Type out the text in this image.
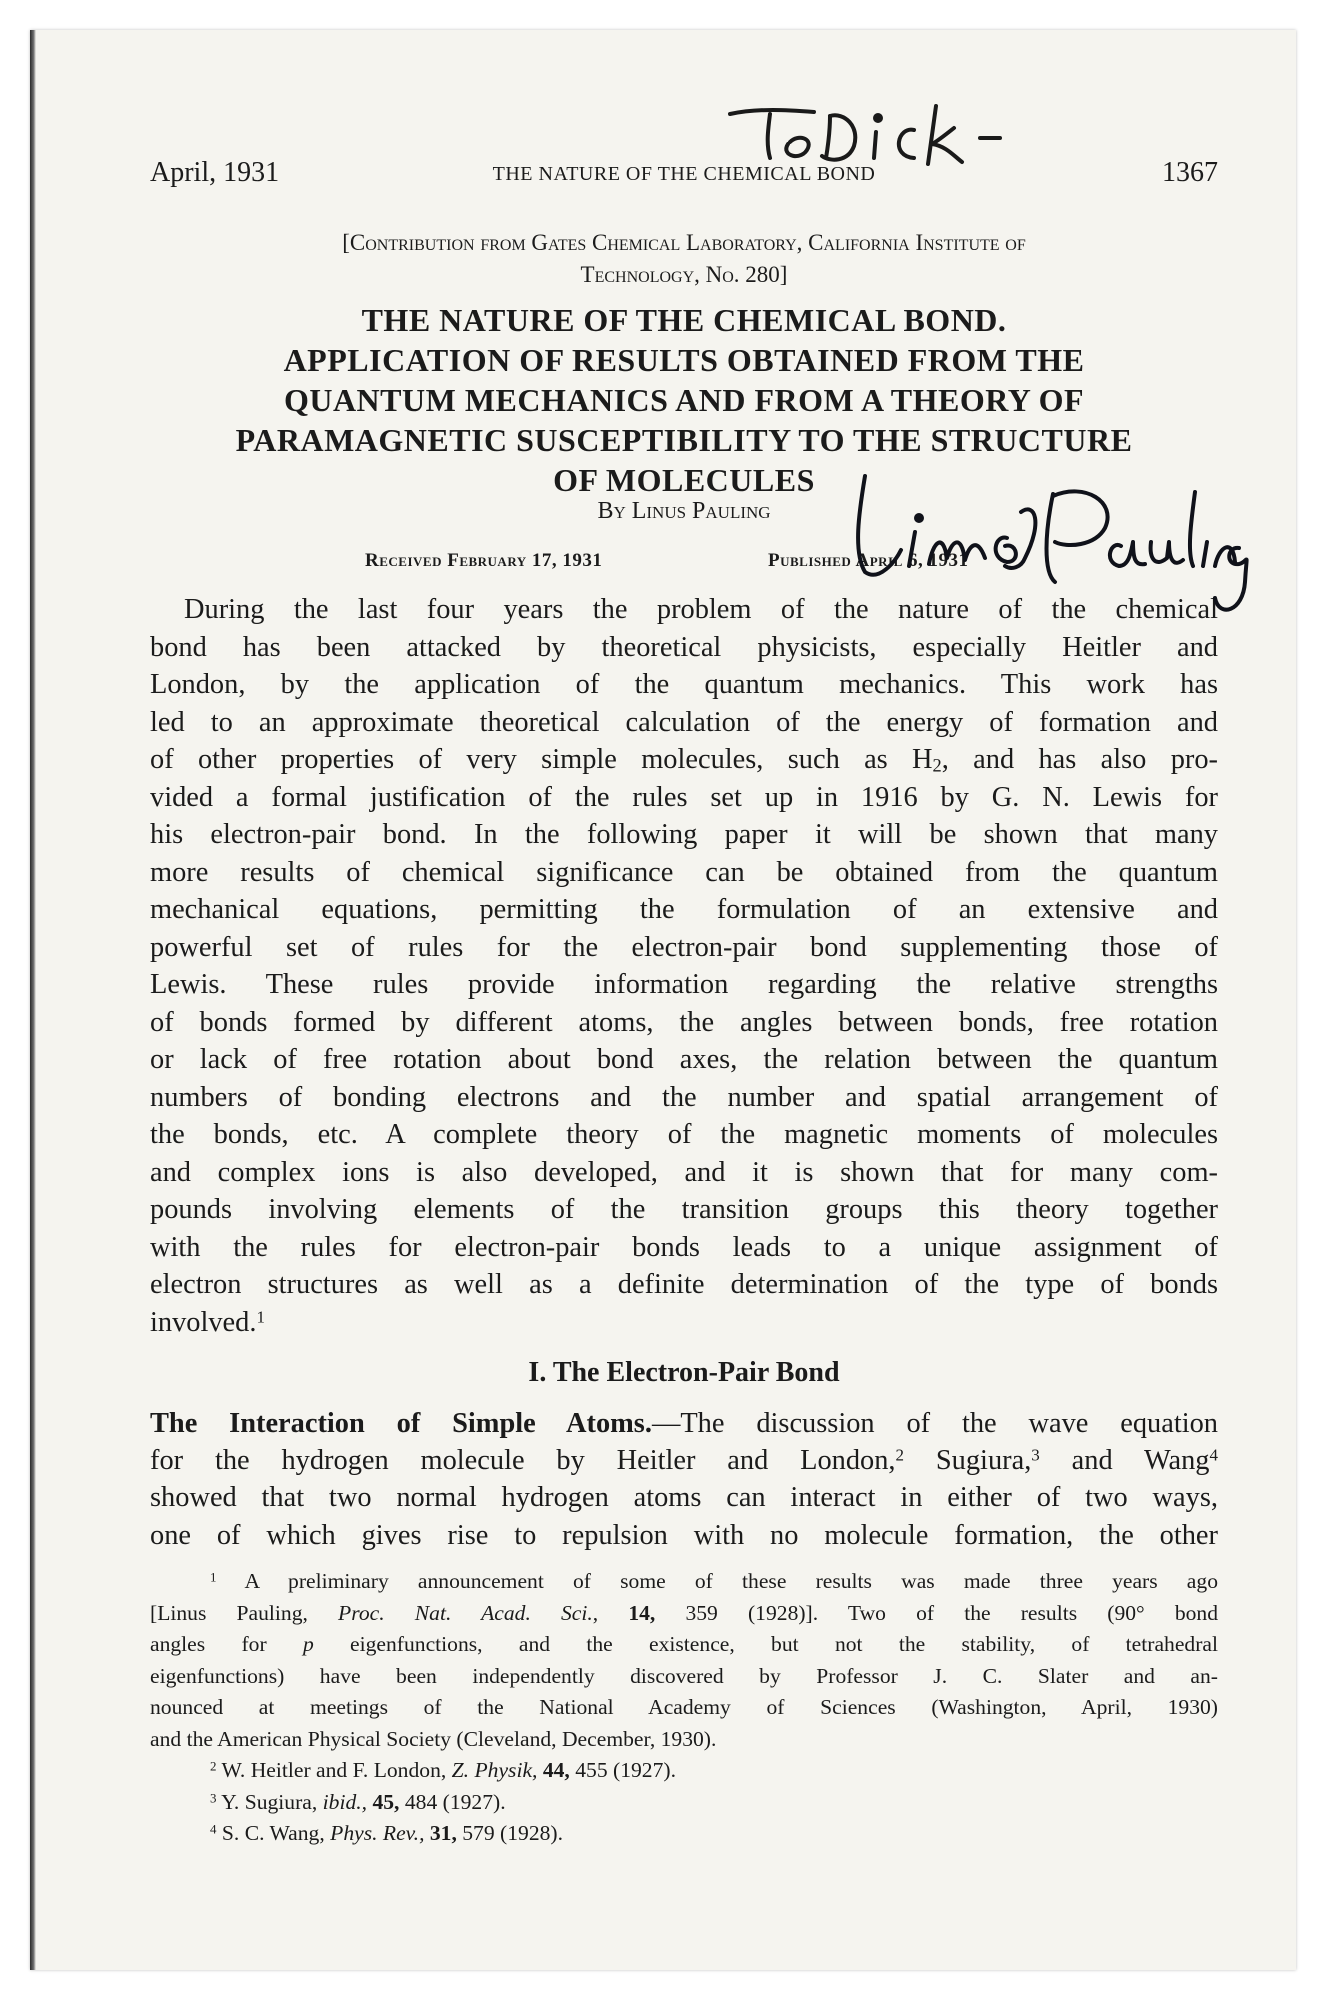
April, 1931	THE NATURE OF THE CHEMICAL BOND	1367
[Contribution from Gates Chemical Laboratory, California Institute of
Technology, No. 280]
THE NATURE OF THE CHEMICAL BOND.
APPLICATION OF RESULTS OBTAINED FROM THE
QUANTUM MECHANICS AND FROM A THEORY OF
PARAMAGNETIC SUSCEPTIBILITY TO THE STRUCTURE
OF MOLECULES
By Linus Pauling
Received February 17, 1931	Published April 6, 1931
During the last four years the problem of the nature of the chemical
bond has been attacked by theoretical physicists, especially Heitler and
London, by the application of the quantum mechanics. This work has
led to an approximate theoretical calculation of the energy of formation and
of other properties of very simple molecules, such as $H_2$, and has also pro-
vided a formal justification of the rules set up in 1916 by G. N. Lewis for
his electron-pair bond. In the following paper it will be shown that many
more results of chemical significance can be obtained from the quantum
mechanical equations, permitting the formulation of an extensive and
powerful set of rules for the electron-pair bond supplementing those of
Lewis. These rules provide information regarding the relative strengths
of bonds formed by different atoms, the angles between bonds, free rotation
or lack of free rotation about bond axes, the relation between the quantum
numbers of bonding electrons and the number and spatial arrangement of
the bonds, etc. A complete theory of the magnetic moments of molecules
and complex ions is also developed, and it is shown that for many com-
pounds involving elements of the transition groups this theory together
with the rules for electron-pair bonds leads to a unique assignment of
electron structures as well as a definite determination of the type of bonds
involved.$^1$
I. The Electron-Pair Bond
The Interaction of Simple Atoms.—The discussion of the wave equation
for the hydrogen molecule by Heitler and London,$^2$ Sugiura,$^3$ and Wang$^4$
showed that two normal hydrogen atoms can interact in either of two ways,
one of which gives rise to repulsion with no molecule formation, the other
$^1$ A preliminary announcement of some of these results was made three years ago
[Linus Pauling, Proc. Nat. Acad. Sci., 14, 359 (1928)]. Two of the results (90° bond
angles for p eigenfunctions, and the existence, but not the stability, of tetrahedral
eigenfunctions) have been independently discovered by Professor J. C. Slater and an-
nounced at meetings of the National Academy of Sciences (Washington, April, 1930)
and the American Physical Society (Cleveland, December, 1930).
$^2$ W. Heitler and F. London, Z. Physik, 44, 455 (1927).
$^3$ Y. Sugiura, ibid., 45, 484 (1927).
$^4$ S. C. Wang, Phys. Rev., 31, 579 (1928).
